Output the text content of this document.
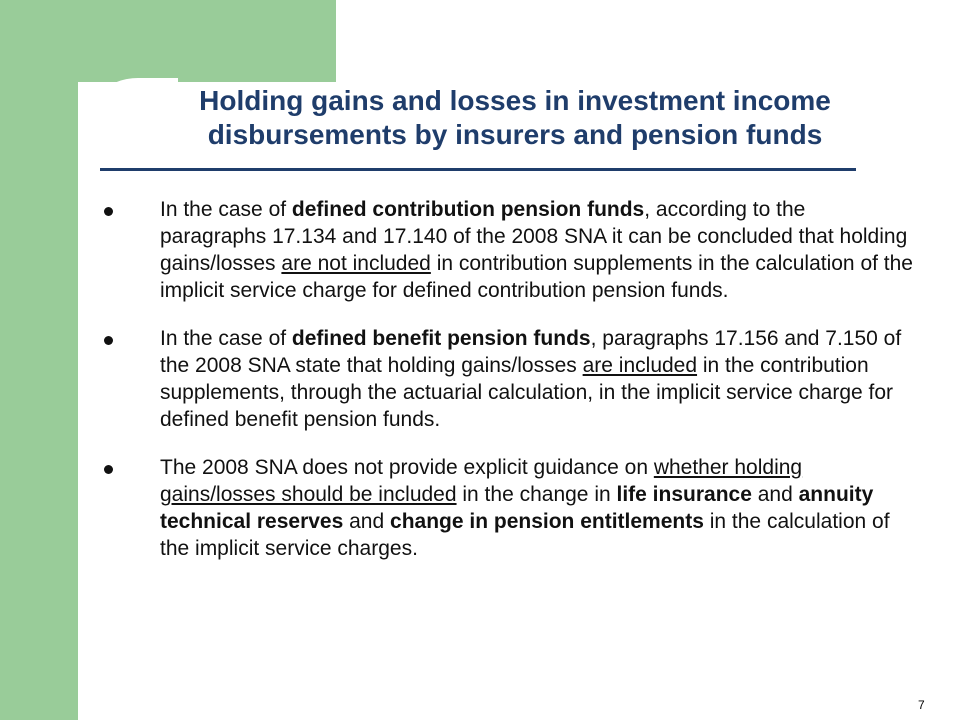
Holding gains and losses in investment income
disbursements by insurers and pension funds
In the case of defined contribution pension funds, according to the paragraphs 17.134 and 17.140 of the 2008 SNA it can be concluded that holding gains/losses are not included in contribution supplements in the calculation of the implicit service charge for defined contribution pension funds.
In the case of defined benefit pension funds, paragraphs 17.156 and 7.150 of the 2008 SNA state that holding gains/losses are included in the contribution supplements, through the actuarial calculation, in the implicit service charge for defined benefit pension funds.
The 2008 SNA does not provide explicit guidance on whether holding gains/losses should be included in the change in life insurance and annuity technical reserves and change in pension entitlements in the calculation of the implicit service charges.
7
